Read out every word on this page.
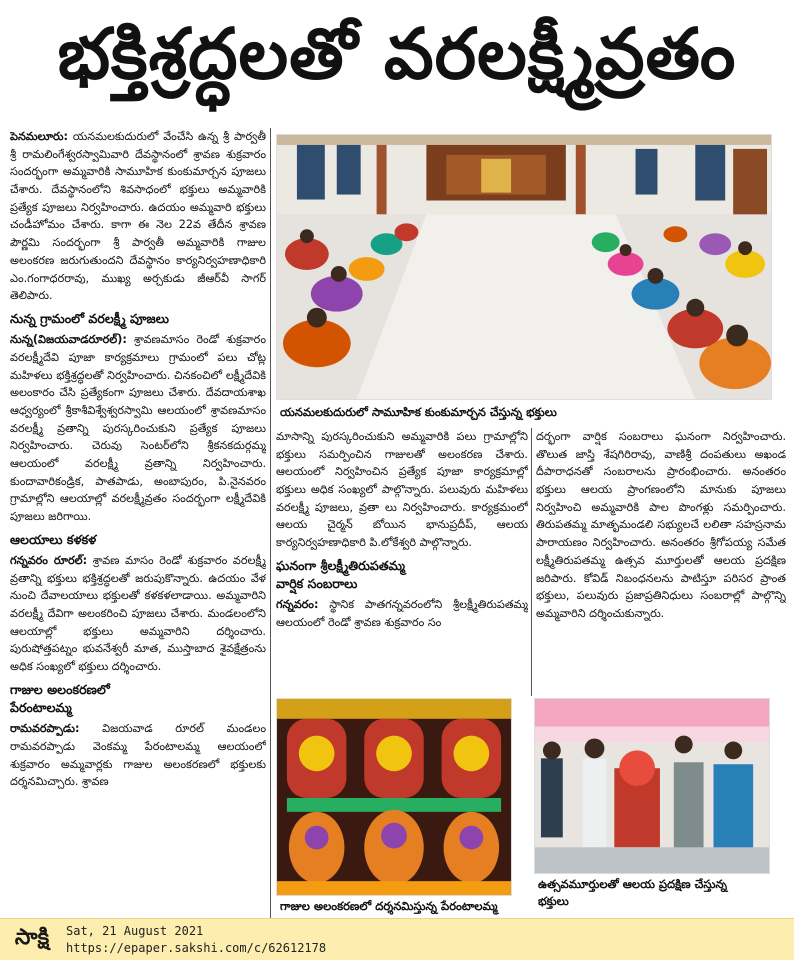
భక్తిశ్రద్ధలతో వరలక్ష్మీవ్రతం

పెనమలూరు: యనమలకుదురులో వేంచేసి ఉన్న శ్రీ పార్వతీ శ్రీ రామలింగేశ్వరస్వామివారి దేవస్థానంలో శ్రావణ శుక్రవారం సందర్భంగా అమ్మవారికి సామూహిక కుంకుమార్చన పూజలు చేశారు. దేవస్థానంలోని శివసాధంలో భక్తులు అమ్మవారికి ప్రత్యేక పూజలు నిర్వహించారు. ఉదయం అమ్మవారి భక్తులు చండీహోమం చేశారు. కాగా ఈ నెల 22వ తేదీన శ్రావణ పౌర్ణమి సందర్భంగా శ్రీ పార్వతీ అమ్మవారికి గాజుల అలంకరణ జరుగుతుందని దేవస్థానం కార్యనిర్వహణాధికారి ఎం.గంగాధరరావు, ముఖ్య అర్చకుడు జీఆర్‌వీ సాగర్ తెలిపారు.

నున్న గ్రామంలో వరలక్ష్మీ పూజలు

నున్న(విజయవాడరూరల్): శ్రావణమాసం రెండో శుక్రవారం వరలక్ష్మీదేవి పూజా కార్యక్రమాలు గ్రామంలో పలు చోట్ల మహిళలు భక్తిశ్రద్ధలతో నిర్వహించారు. చినకంచిలో లక్ష్మీదేవికి అలంకారం చేసి ప్రత్యేకంగా పూజలు చేశారు. దేవదాయశాఖ ఆధ్వర్యంలో శ్రీకాశీవిశ్వేశ్వరస్వామి ఆలయంలో శ్రావణమాసం వరలక్ష్మీ వ్రతాన్ని పురస్కరించుకుని ప్రత్యేక పూజలు నిర్వహించారు. చెరువు సెంటర్‌లోని శ్రీకనకదుర్గమ్మ ఆలయంలో వరలక్ష్మీ వ్రతాన్ని నిర్వహించారు. కుందావారికండ్రిక, పాతపాడు, అంబాపురం, పి.నైనవరం గ్రామాల్లోని ఆలయాల్లో వరలక్ష్మీవ్రతం సందర్భంగా లక్ష్మీదేవికి పూజలు జరిగాయి.

ఆలయాలు కళకళ

గన్నవరం రూరల్: శ్రావణ మాసం రెండో శుక్రవారం వరలక్ష్మీ వ్రతాన్ని భక్తులు భక్తిశ్రద్ధలతో జరుపుకొన్నారు. ఉదయం వేళ నుంచి దేవాలయాలు భక్తులతో కళకళలాడాయి. అమ్మవారిని వరలక్ష్మీ దేవిగా అలంకరించి పూజలు చేశారు. మండలంలోని ఆలయాల్లో భక్తులు అమ్మవారిని దర్శించారు. పురుషోత్తపట్నం భువనేశ్వరీ మాత, ముస్తాబాద శైవక్షేత్రంను అధిక సంఖ్యలో భక్తులు దర్శించారు.

గాజుల అలంకరణలో
పేరంటాలమ్మ

రామవరప్పాడు: విజయవాడ రూరల్ మండలం రామవరప్పాడు వెంకమ్మ పేరంటాలమ్మ ఆలయంలో శుక్రవారం అమ్మవార్లకు గాజుల అలంకరణలో భక్తులకు దర్శనమిచ్చారు. శ్రావణ

యనమలకుదురులో సామూహిక కుంకుమార్చన చేస్తున్న భక్తులు

మాసాన్ని పురస్కరించుకుని అమ్మవారికి పలు గ్రామాల్లోని భక్తులు సమర్పించిన గాజులతో అలంకరణ చేశారు. ఆలయంలో నిర్వహించిన ప్రత్యేక పూజా కార్యక్రమాల్లో భక్తులు అధిక సంఖ్యలో పాల్గొన్నారు. పలువురు మహిళలు వరలక్ష్మీ పూజలు, వ్రతా లు నిర్వహించారు. కార్యక్రమంలో ఆలయ చైర్మన్ బోయిన భానుప్రదీప్, ఆలయ కార్యనిర్వహణాధికారి పి.లోకేశ్వరి పాల్గొన్నారు.

ఘనంగా శ్రీలక్ష్మీతిరుపతమ్మ
వార్షిక సంబరాలు

గన్నవరం: స్థానిక పాతగన్నవరంలోని శ్రీలక్ష్మీతిరుపతమ్మ ఆలయంలో రెండో శ్రావణ శుక్రవారం సం

దర్భంగా వార్షిక సంబరాలు ఘనంగా నిర్వహించారు. తొలుత జాస్తి శేషగిరిరావు, వాణిశ్రీ దంపతులు అఖండ దీపారాధనతో సంబరాలను ప్రారంభించారు. అనంతరం భక్తులు ఆలయ ప్రాంగణంలోని మానుకు పూజలు నిర్వహించి అమ్మవారికి పాల పొంగళ్లు సమర్పించారు. తిరుపతమ్మ మాతృమండలి సభ్యులచే లలితా సహస్రనామ పారాయణం నిర్వహించారు. అనంతరం శ్రీగోపయ్య సమేత లక్ష్మీతిరుపతమ్మ ఉత్సవ మూర్తులతో ఆలయ ప్రదక్షిణ జరిపారు. కోవిడ్ నిబంధనలను పాటిస్తూ పరిసర ప్రాంత భక్తులు, పలువురు ప్రజాప్రతినిధులు సంబరాల్లో పాల్గొన్ని అమ్మవారిని దర్శించుకున్నారు.

గాజుల అలంకరణలో దర్శనమిస్తున్న పేరంటాలమ్మ
ఉత్సవమూర్తులతో ఆలయ ప్రదక్షిణ చేస్తున్న
భక్తులు
సాక్షి	Sat, 21 August 2021
https://epaper.sakshi.com/c/62612178
